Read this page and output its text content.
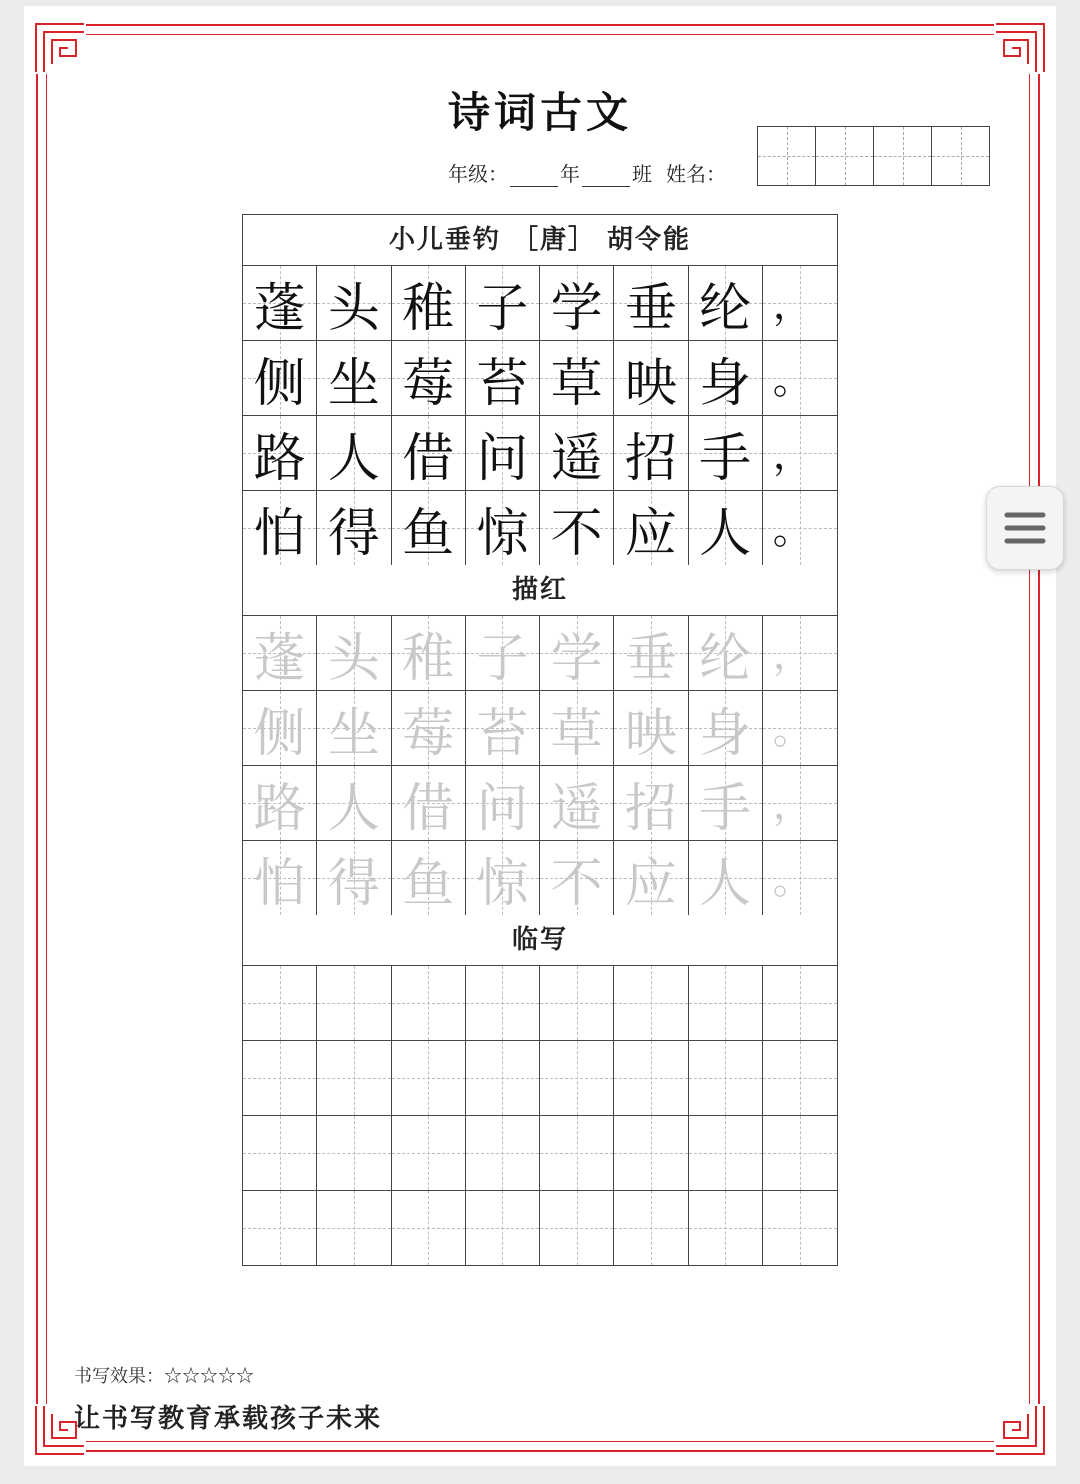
诗词古文
年级：	年	班 姓名：
小儿垂钓 ［唐］ 胡令能
蓬 头 稚 子 学 垂 纶 ，
侧 坐 莓 苔 草 映 身 。
路 人 借 问 遥 招 手 ，
怕 得 鱼 惊 不 应 人 。
描红
蓬 头 稚 子 学 垂 纶 ，
侧 坐 莓 苔 草 映 身 。
路 人 借 问 遥 招 手 ，
怕 得 鱼 惊 不 应 人 。
临写
书写效果：☆☆☆☆☆
让书写教育承载孩子未来
